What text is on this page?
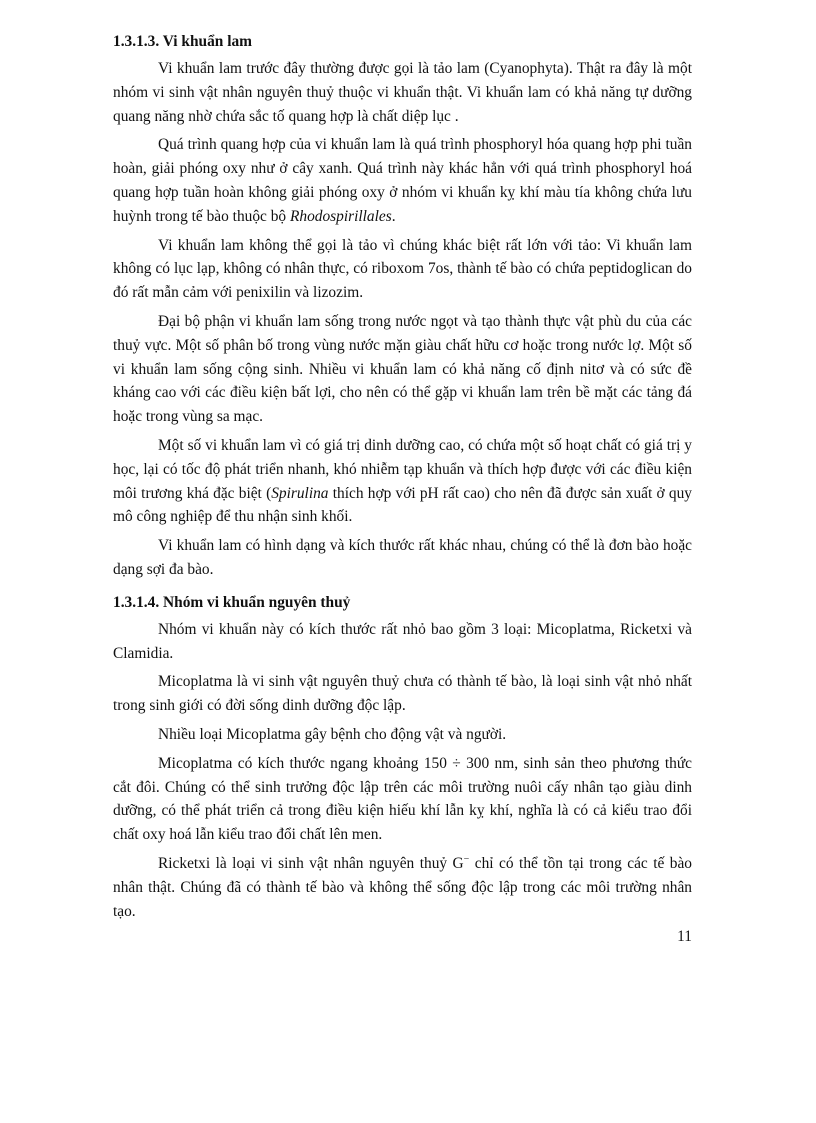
1.3.1.3. Vi khuẩn lam

Vi khuẩn lam trước đây thường được gọi là tảo lam (Cyanophyta). Thật ra đây là một nhóm vi sinh vật nhân nguyên thuỷ thuộc vi khuẩn thật. Vi khuẩn lam có khả năng tự dưỡng quang năng nhờ chứa sắc tố quang hợp là chất diệp lục .

Quá trình quang hợp của vi khuẩn lam là quá trình phosphoryl hóa quang hợp phi tuần hoàn, giải phóng oxy như ở cây xanh. Quá trình này khác hẳn với quá trình phosphoryl hoá quang hợp tuần hoàn không giải phóng oxy ở nhóm vi khuẩn kỵ khí màu tía không chứa lưu huỳnh trong tế bào thuộc bộ Rhodospirillales.

Vi khuẩn lam không thể gọi là tảo vì chúng khác biệt rất lớn với tảo: Vi khuẩn lam không có lục lạp, không có nhân thực, có riboxom 7os, thành tế bào có chứa peptidoglican do đó rất mẫn cảm với penixilin và lizozim.

Đại bộ phận vi khuẩn lam sống trong nước ngọt và tạo thành thực vật phù du của các thuỷ vực. Một số phân bố trong vùng nước mặn giàu chất hữu cơ hoặc trong nước lợ. Một số vi khuẩn lam sống cộng sinh. Nhiều vi khuẩn lam có khả năng cố định nitơ và có sức đề kháng cao với các điều kiện bất lợi, cho nên có thể gặp vi khuẩn lam trên bề mặt các tảng đá hoặc trong vùng sa mạc.

Một số vi khuẩn lam vì có giá trị dinh dưỡng cao, có chứa một số hoạt chất có giá trị y học, lại có tốc độ phát triển nhanh, khó nhiễm tạp khuẩn và thích hợp được với các điều kiện môi trương khá đặc biệt (Spirulina thích hợp với pH rất cao) cho nên đã được sản xuất ở quy mô công nghiệp để thu nhận sinh khối.

Vi khuẩn lam có hình dạng và kích thước rất khác nhau, chúng có thể là đơn bào hoặc dạng sợi đa bào.

1.3.1.4. Nhóm vi khuẩn nguyên thuỷ

Nhóm vi khuẩn này có kích thước rất nhỏ bao gồm 3 loại: Micoplatma, Ricketxi và Clamidia.

Micoplatma là vi sinh vật nguyên thuỷ chưa có thành tế bào, là loại sinh vật nhỏ nhất trong sinh giới có đời sống dinh dưỡng độc lập.

Nhiều loại Micoplatma gây bệnh cho động vật và người.

Micoplatma có kích thước ngang khoảng 150 ÷ 300 nm, sinh sản theo phương thức cắt đôi. Chúng có thể sinh trưởng độc lập trên các môi trường nuôi cấy nhân tạo giàu dinh dưỡng, có thể phát triển cả trong điều kiện hiếu khí lẫn kỵ khí, nghĩa là có cả kiểu trao đổi chất oxy hoá lẫn kiểu trao đổi chất lên men.

Ricketxi là loại vi sinh vật nhân nguyên thuỷ G− chỉ có thể tồn tại trong các tế bào nhân thật. Chúng đã có thành tế bào và không thể sống độc lập trong các môi trường nhân tạo.

11
